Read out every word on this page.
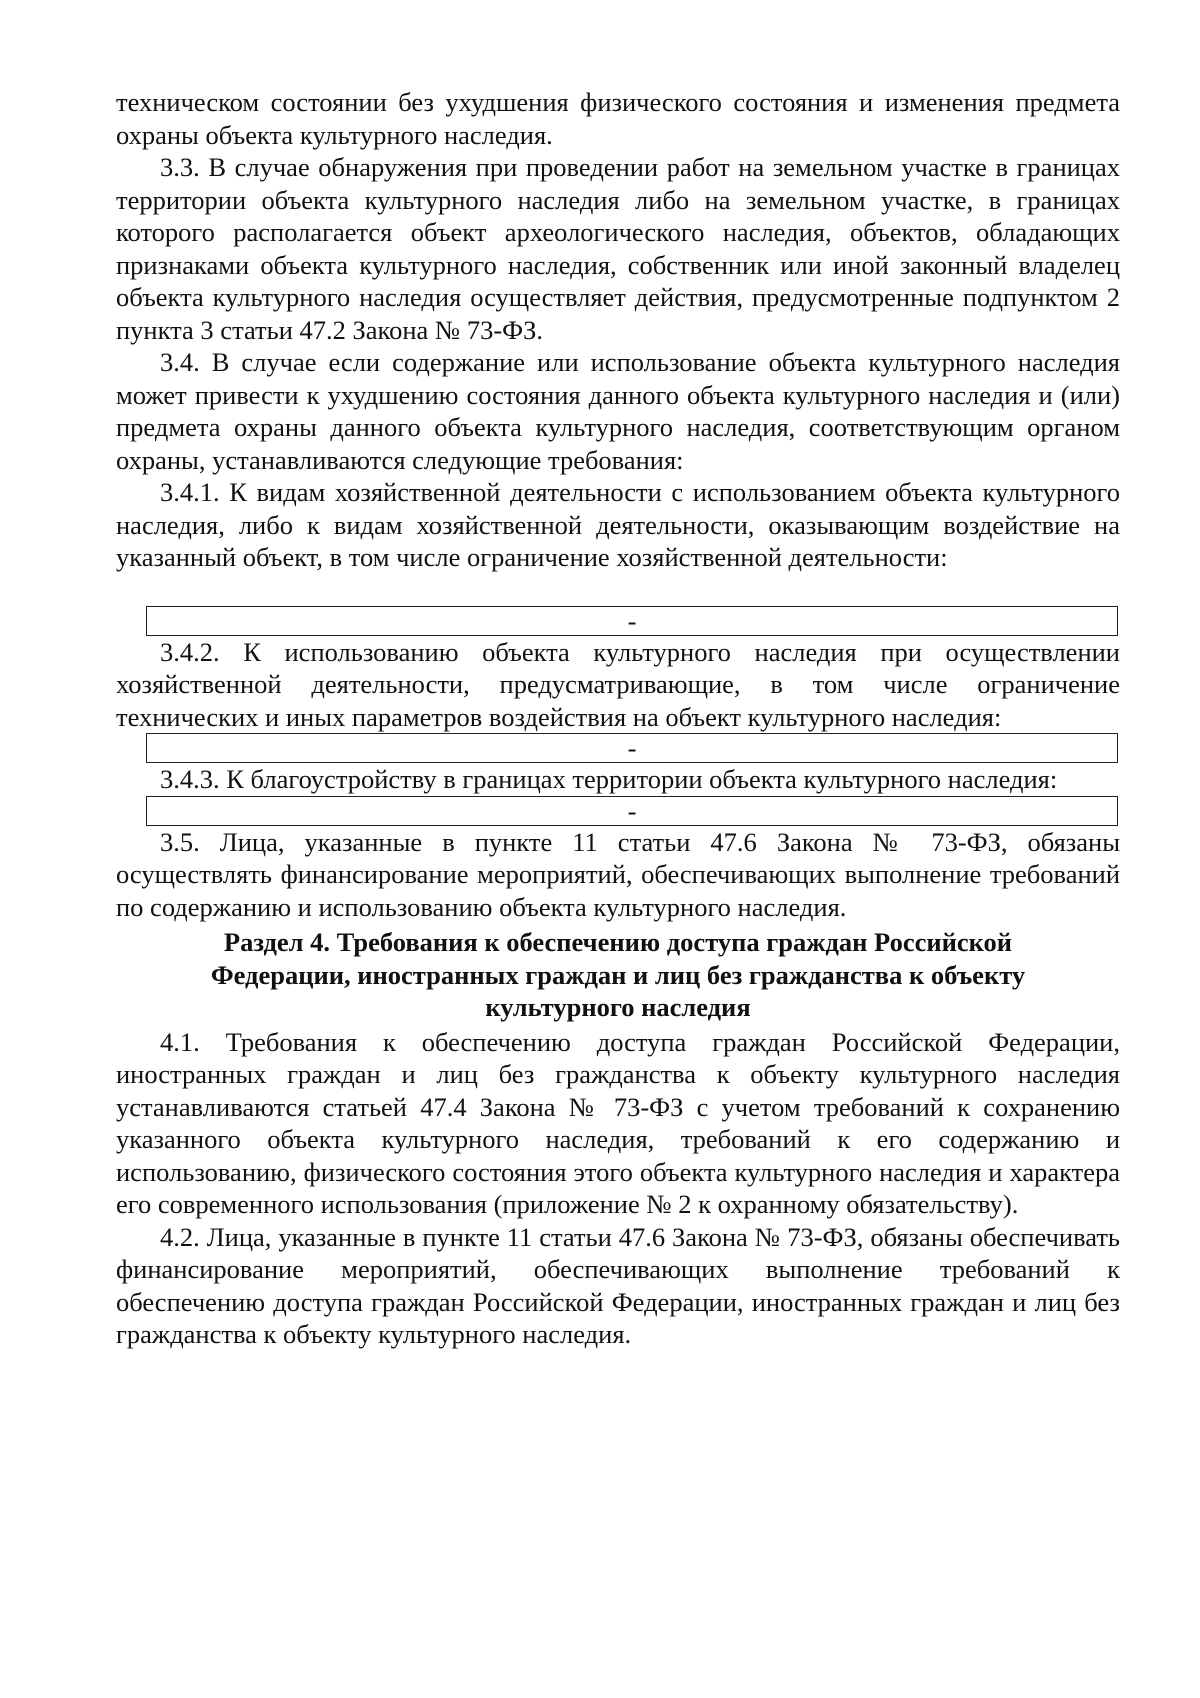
техническом состоянии без ухудшения физического состояния и изменения предмета охраны объекта культурного наследия.

3.3. В случае обнаружения при проведении работ на земельном участке в границах территории объекта культурного наследия либо на земельном участке, в границах которого располагается объект археологического наследия, объектов, обладающих признаками объекта культурного наследия, собственник или иной законный владелец объекта культурного наследия осуществляет действия, предусмотренные подпунктом 2 пункта 3 статьи 47.2 Закона № 73-ФЗ.

3.4. В случае если содержание или использование объекта культурного наследия может привести к ухудшению состояния данного объекта культурного наследия и (или) предмета охраны данного объекта культурного наследия, соответствующим органом охраны, устанавливаются следующие требования:

3.4.1. К видам хозяйственной деятельности с использованием объекта культурного наследия, либо к видам хозяйственной деятельности, оказывающим воздействие на указанный объект, в том числе ограничение хозяйственной деятельности:

-

3.4.2. К использованию объекта культурного наследия при осуществлении хозяйственной деятельности, предусматривающие, в том числе ограничение технических и иных параметров воздействия на объект культурного наследия:

-

3.4.3. К благоустройству в границах территории объекта культурного наследия:

-

3.5. Лица, указанные в пункте 11 статьи 47.6 Закона № 73-ФЗ, обязаны осуществлять финансирование мероприятий, обеспечивающих выполнение требований по содержанию и использованию объекта культурного наследия.

Раздел 4. Требования к обеспечению доступа граждан Российской Федерации, иностранных граждан и лиц без гражданства к объекту культурного наследия

4.1. Требования к обеспечению доступа граждан Российской Федерации, иностранных граждан и лиц без гражданства к объекту культурного наследия устанавливаются статьей 47.4 Закона № 73-ФЗ с учетом требований к сохранению указанного объекта культурного наследия, требований к его содержанию и использованию, физического состояния этого объекта культурного наследия и характера его современного использования (приложение № 2 к охранному обязательству).

4.2. Лица, указанные в пункте 11 статьи 47.6 Закона № 73-ФЗ, обязаны обеспечивать финансирование мероприятий, обеспечивающих выполнение требований к обеспечению доступа граждан Российской Федерации, иностранных граждан и лиц без гражданства к объекту культурного наследия.
